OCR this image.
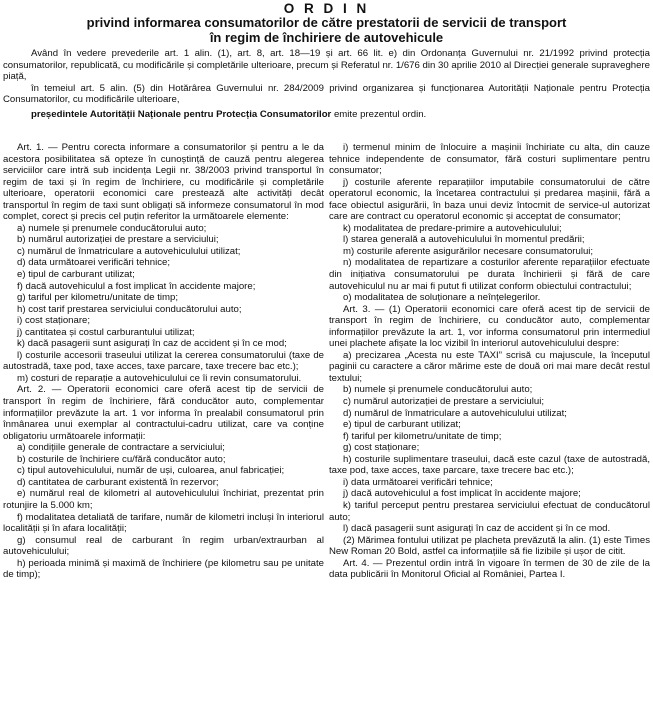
O R D I N
privind informarea consumatorilor de către prestatorii de servicii de transport
în regim de închiriere de autovehicule

Având în vedere prevederile art. 1 alin. (1), art. 8, art. 18—19 și art. 66 lit. e) din Ordonanța Guvernului nr. 21/1992 privind protecția consumatorilor, republicată, cu modificările și completările ulterioare, precum și Referatul nr. 1/676 din 30 aprilie 2010 al Direcției generale supraveghere piață,

în temeiul art. 5 alin. (5) din Hotărârea Guvernului nr. 284/2009 privind organizarea și funcționarea Autorității Naționale pentru Protecția Consumatorilor, cu modificările ulterioare,

președintele Autorității Naționale pentru Protecția Consumatorilor emite prezentul ordin.

Art. 1. — Pentru corecta informare a consumatorilor și pentru a le da acestora posibilitatea să opteze în cunoștință de cauză pentru alegerea serviciilor care intră sub incidența Legii nr. 38/2003 privind transportul în regim de taxi și în regim de închiriere, cu modificările și completările ulterioare, operatorii economici care prestează alte activități decât transportul în regim de taxi sunt obligați să informeze consumatorul în mod complet, corect și precis cel puțin referitor la următoarele elemente:

a) numele și prenumele conducătorului auto;

b) numărul autorizației de prestare a serviciului;

c) numărul de înmatriculare a autovehiculului utilizat;

d) data următoarei verificări tehnice;

e) tipul de carburant utilizat;

f) dacă autovehiculul a fost implicat în accidente majore;

g) tariful per kilometru/unitate de timp;

h) cost tarif prestarea serviciului conducătorului auto;

i) cost staționare;

j) cantitatea și costul carburantului utilizat;

k) dacă pasagerii sunt asigurați în caz de accident și în ce mod;

l) costurile accesorii traseului utilizat la cererea consumatorului (taxe de autostradă, taxe pod, taxe acces, taxe parcare, taxe trecere bac etc.);

m) costuri de reparație a autovehiculului ce îi revin consumatorului.

Art. 2. — Operatorii economici care oferă acest tip de servicii de transport în regim de închiriere, fără conducător auto, complementar informațiilor prevăzute la art. 1 vor informa în prealabil consumatorul prin înmânarea unui exemplar al contractului-cadru utilizat, care va conține obligatoriu următoarele informații:

a) condițiile generale de contractare a serviciului;

b) costurile de închiriere cu/fără conducător auto;

c) tipul autovehiculului, număr de uși, culoarea, anul fabricației;

d) cantitatea de carburant existentă în rezervor;

e) numărul real de kilometri al autovehiculului închiriat, prezentat prin rotunjire la 5.000 km;

f) modalitatea detaliată de tarifare, număr de kilometri incluși în interiorul localității și în afara localității;

g) consumul real de carburant în regim urban/extraurban al autovehiculului;

h) perioada minimă și maximă de închiriere (pe kilometru sau pe unitate de timp);

i) termenul minim de înlocuire a mașinii închiriate cu alta, din cauze tehnice independente de consumator, fără costuri suplimentare pentru consumator;

j) costurile aferente reparațiilor imputabile consumatorului de către operatorul economic, la încetarea contractului și predarea mașinii, fără a face obiectul asigurării, în baza unui deviz întocmit de service-ul autorizat care are contract cu operatorul economic și acceptat de consumator;

k) modalitatea de predare-primire a autovehiculului;

l) starea generală a autovehiculului în momentul predării;

m) costurile aferente asigurărilor necesare consumatorului;

n) modalitatea de repartizare a costurilor aferente reparațiilor efectuate din inițiativa consumatorului pe durata închirierii și fără de care autovehiculul nu ar mai fi putut fi utilizat conform obiectului contractului;

o) modalitatea de soluționare a neînțelegerilor.

Art. 3. — (1) Operatorii economici care oferă acest tip de servicii de transport în regim de închiriere, cu conducător auto, complementar informațiilor prevăzute la art. 1, vor informa consumatorul prin intermediul unei plachete afișate la loc vizibil în interiorul autovehiculului despre:

a) precizarea „Acesta nu este TAXI” scrisă cu majuscule, la începutul paginii cu caractere a căror mărime este de două ori mai mare decât restul textului;

b) numele și prenumele conducătorului auto;

c) numărul autorizației de prestare a serviciului;

d) numărul de înmatriculare a autovehiculului utilizat;

e) tipul de carburant utilizat;

f) tariful per kilometru/unitate de timp;

g) cost staționare;

h) costurile suplimentare traseului, dacă este cazul (taxe de autostradă, taxe pod, taxe acces, taxe parcare, taxe trecere bac etc.);

i) data următoarei verificări tehnice;

j) dacă autovehiculul a fost implicat în accidente majore;

k) tariful perceput pentru prestarea serviciului efectuat de conducătorul auto;

l) dacă pasagerii sunt asigurați în caz de accident și în ce mod.

(2) Mărimea fontului utilizat pe placheta prevăzută la alin. (1) este Times New Roman 20 Bold, astfel ca informațiile să fie lizibile și ușor de citit.

Art. 4. — Prezentul ordin intră în vigoare în termen de 30 de zile de la data publicării în Monitorul Oficial al României, Partea I.
